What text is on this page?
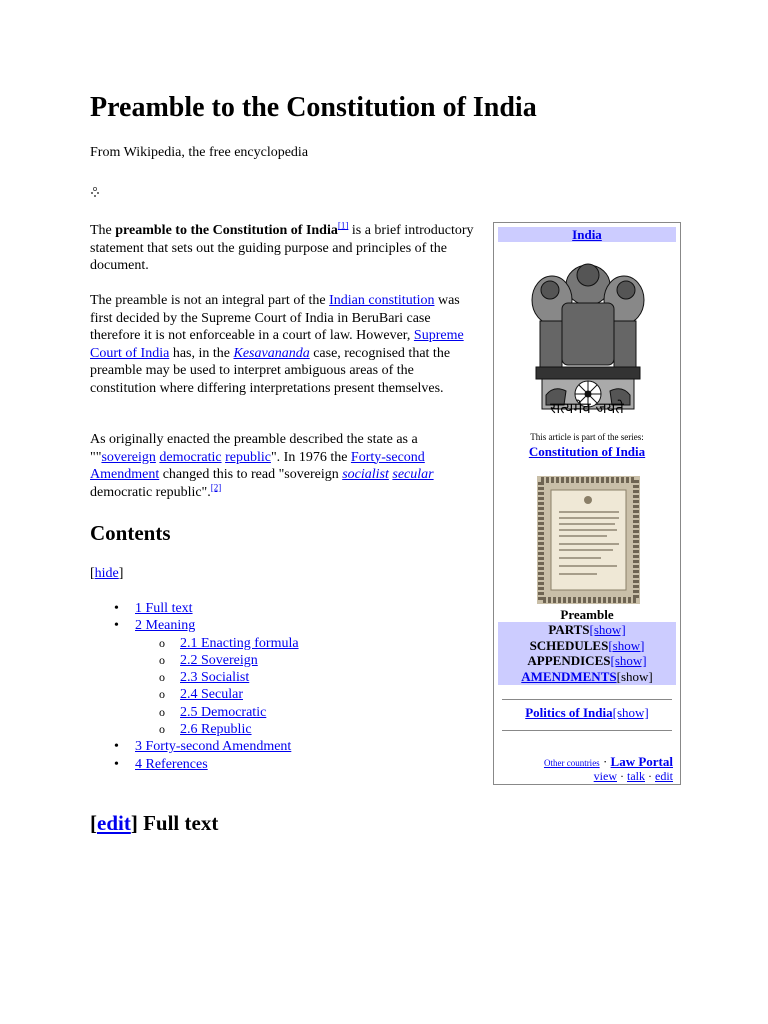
Preamble to the Constitution of India

From Wikipedia, the free encyclopedia

The preamble to the Constitution of India[1] is a brief introductory statement that sets out the guiding purpose and principles of the document.

The preamble is not an integral part of the Indian constitution was first decided by the Supreme Court of India in BeruBari case therefore it is not enforceable in a court of law. However, Supreme Court of India has, in the Kesavananda case, recognised that the preamble may be used to interpret ambiguous areas of the constitution where differing interpretations present themselves.

As originally enacted the preamble described the state as a ""sovereign democratic republic". In 1976 the Forty-second Amendment changed this to read "sovereign socialist secular democratic republic".[2]

Contents

[hide]

• 1 Full text
• 2 Meaning
o 2.1 Enacting formula
o 2.2 Sovereign
o 2.3 Socialist
o 2.4 Secular
o 2.5 Democratic
o 2.6 Republic
• 3 Forty-second Amendment
• 4 References
[edit] Full text
India
सत्यमेव जयते
This article is part of the series:
Constitution of India
Preamble
PARTS[show]
SCHEDULES[show]
APPENDICES[show]
AMENDMENTS[show]
Politics of India[show]
Other countries · Law Portal
view · talk · edit
